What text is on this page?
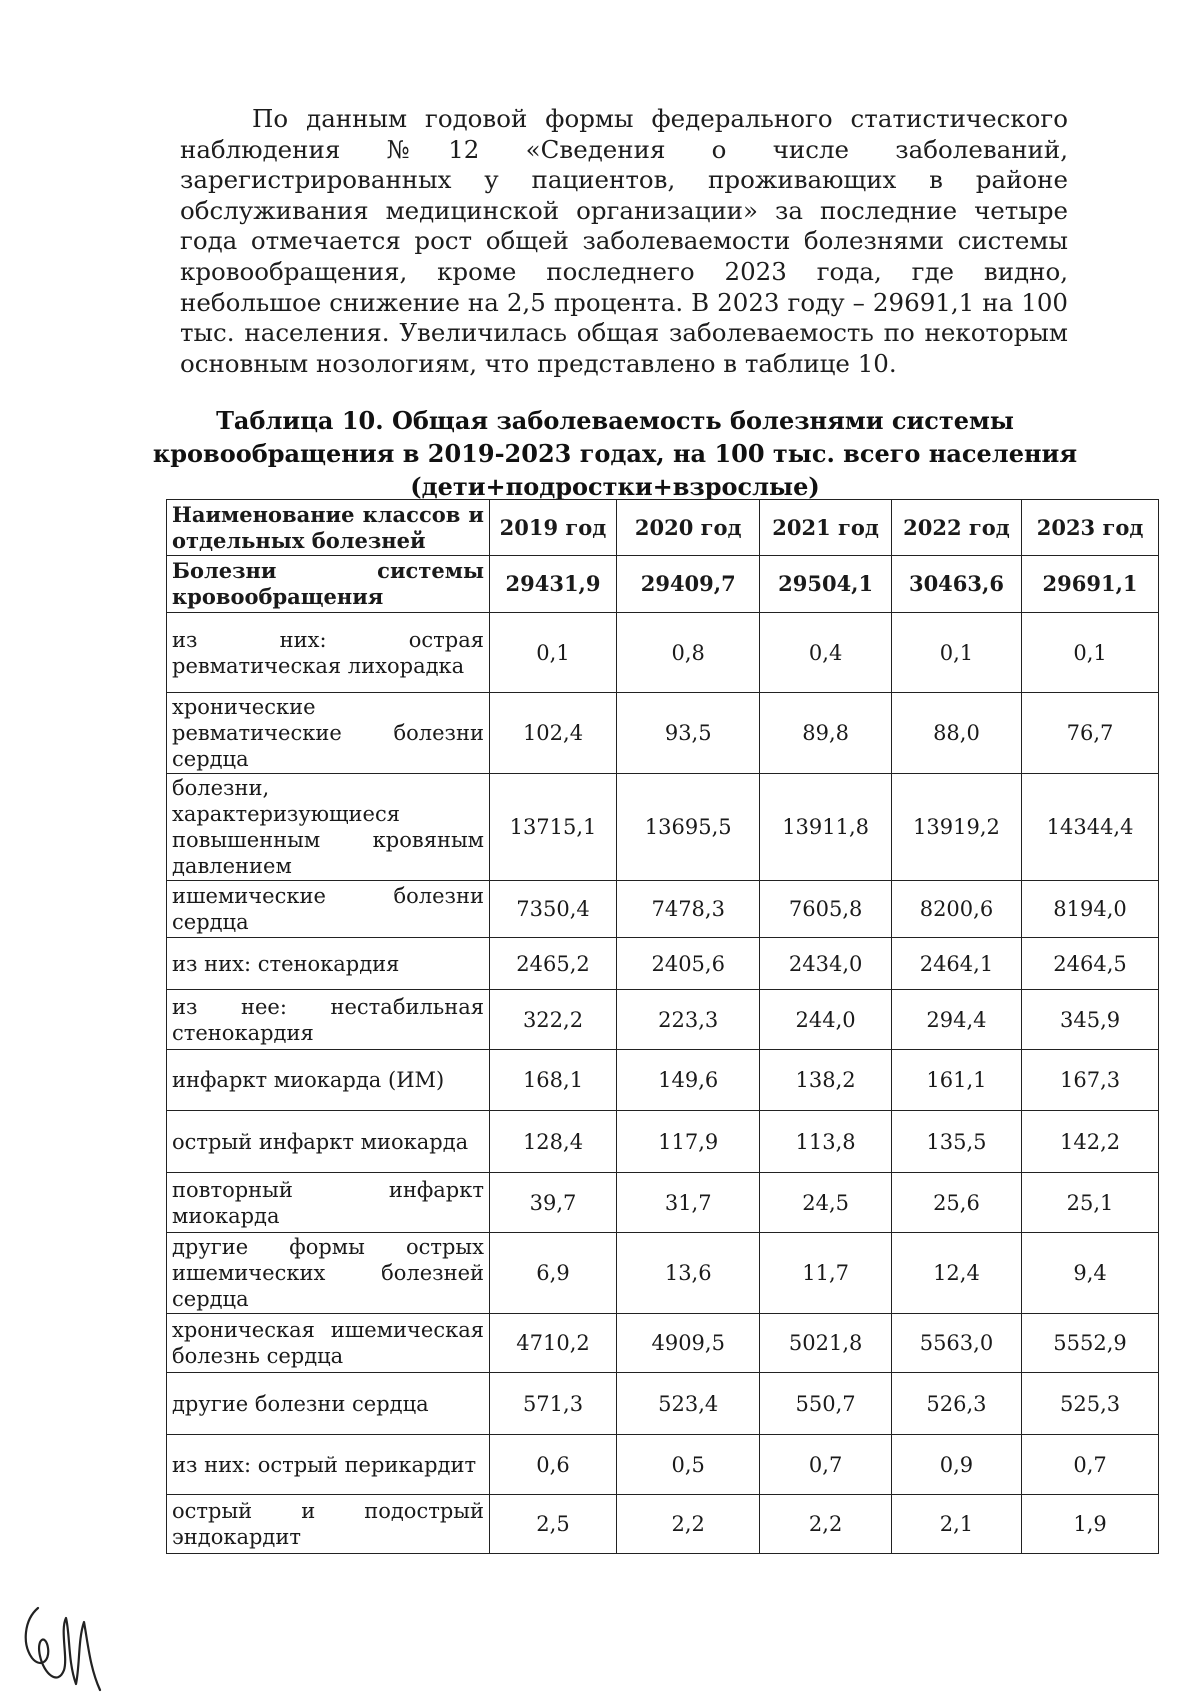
По данным годовой формы федерального статистического наблюдения №12 «Сведения о числе заболеваний, зарегистрированных у пациентов, проживающих в районе обслуживания медицинской организации» за последние четыре года отмечается рост общей заболеваемости болезнями системы кровообращения, кроме последнего 2023 года, где видно, небольшое снижение на 2,5 процента. В 2023 году – 29691,1 на 100 тыс. населения. Увеличилась общая заболеваемость по некоторым основным нозологиям, что представлено в таблице 10.

Таблица 10. Общая заболеваемость болезнями системы кровообращения в 2019-2023 годах, на 100 тыс. всего населения (дети+подростки+взрослые)

Наименование классов и отдельных болезней	2019 год	2020 год	2021 год	2022 год	2023 год
Болезни системы кровообращения	29431,9	29409,7	29504,1	30463,6	29691,1
из них: острая ревматическая лихорадка	0,1	0,8	0,4	0,1	0,1
хронические ревматические болезни сердца	102,4	93,5	89,8	88,0	76,7
болезни, характеризующиеся повышенным кровяным давлением	13715,1	13695,5	13911,8	13919,2	14344,4
ишемические болезни сердца	7350,4	7478,3	7605,8	8200,6	8194,0
из них: стенокардия	2465,2	2405,6	2434,0	2464,1	2464,5
из нее: нестабильная стенокардия	322,2	223,3	244,0	294,4	345,9
инфаркт миокарда (ИМ)	168,1	149,6	138,2	161,1	167,3
острый инфаркт миокарда	128,4	117,9	113,8	135,5	142,2
повторный инфаркт миокарда	39,7	31,7	24,5	25,6	25,1
другие формы острых ишемических болезней сердца	6,9	13,6	11,7	12,4	9,4
хроническая ишемическая болезнь сердца	4710,2	4909,5	5021,8	5563,0	5552,9
другие болезни сердца	571,3	523,4	550,7	526,3	525,3
из них: острый перикардит	0,6	0,5	0,7	0,9	0,7
острый и подострый эндокардит	2,5	2,2	2,2	2,1	1,9
